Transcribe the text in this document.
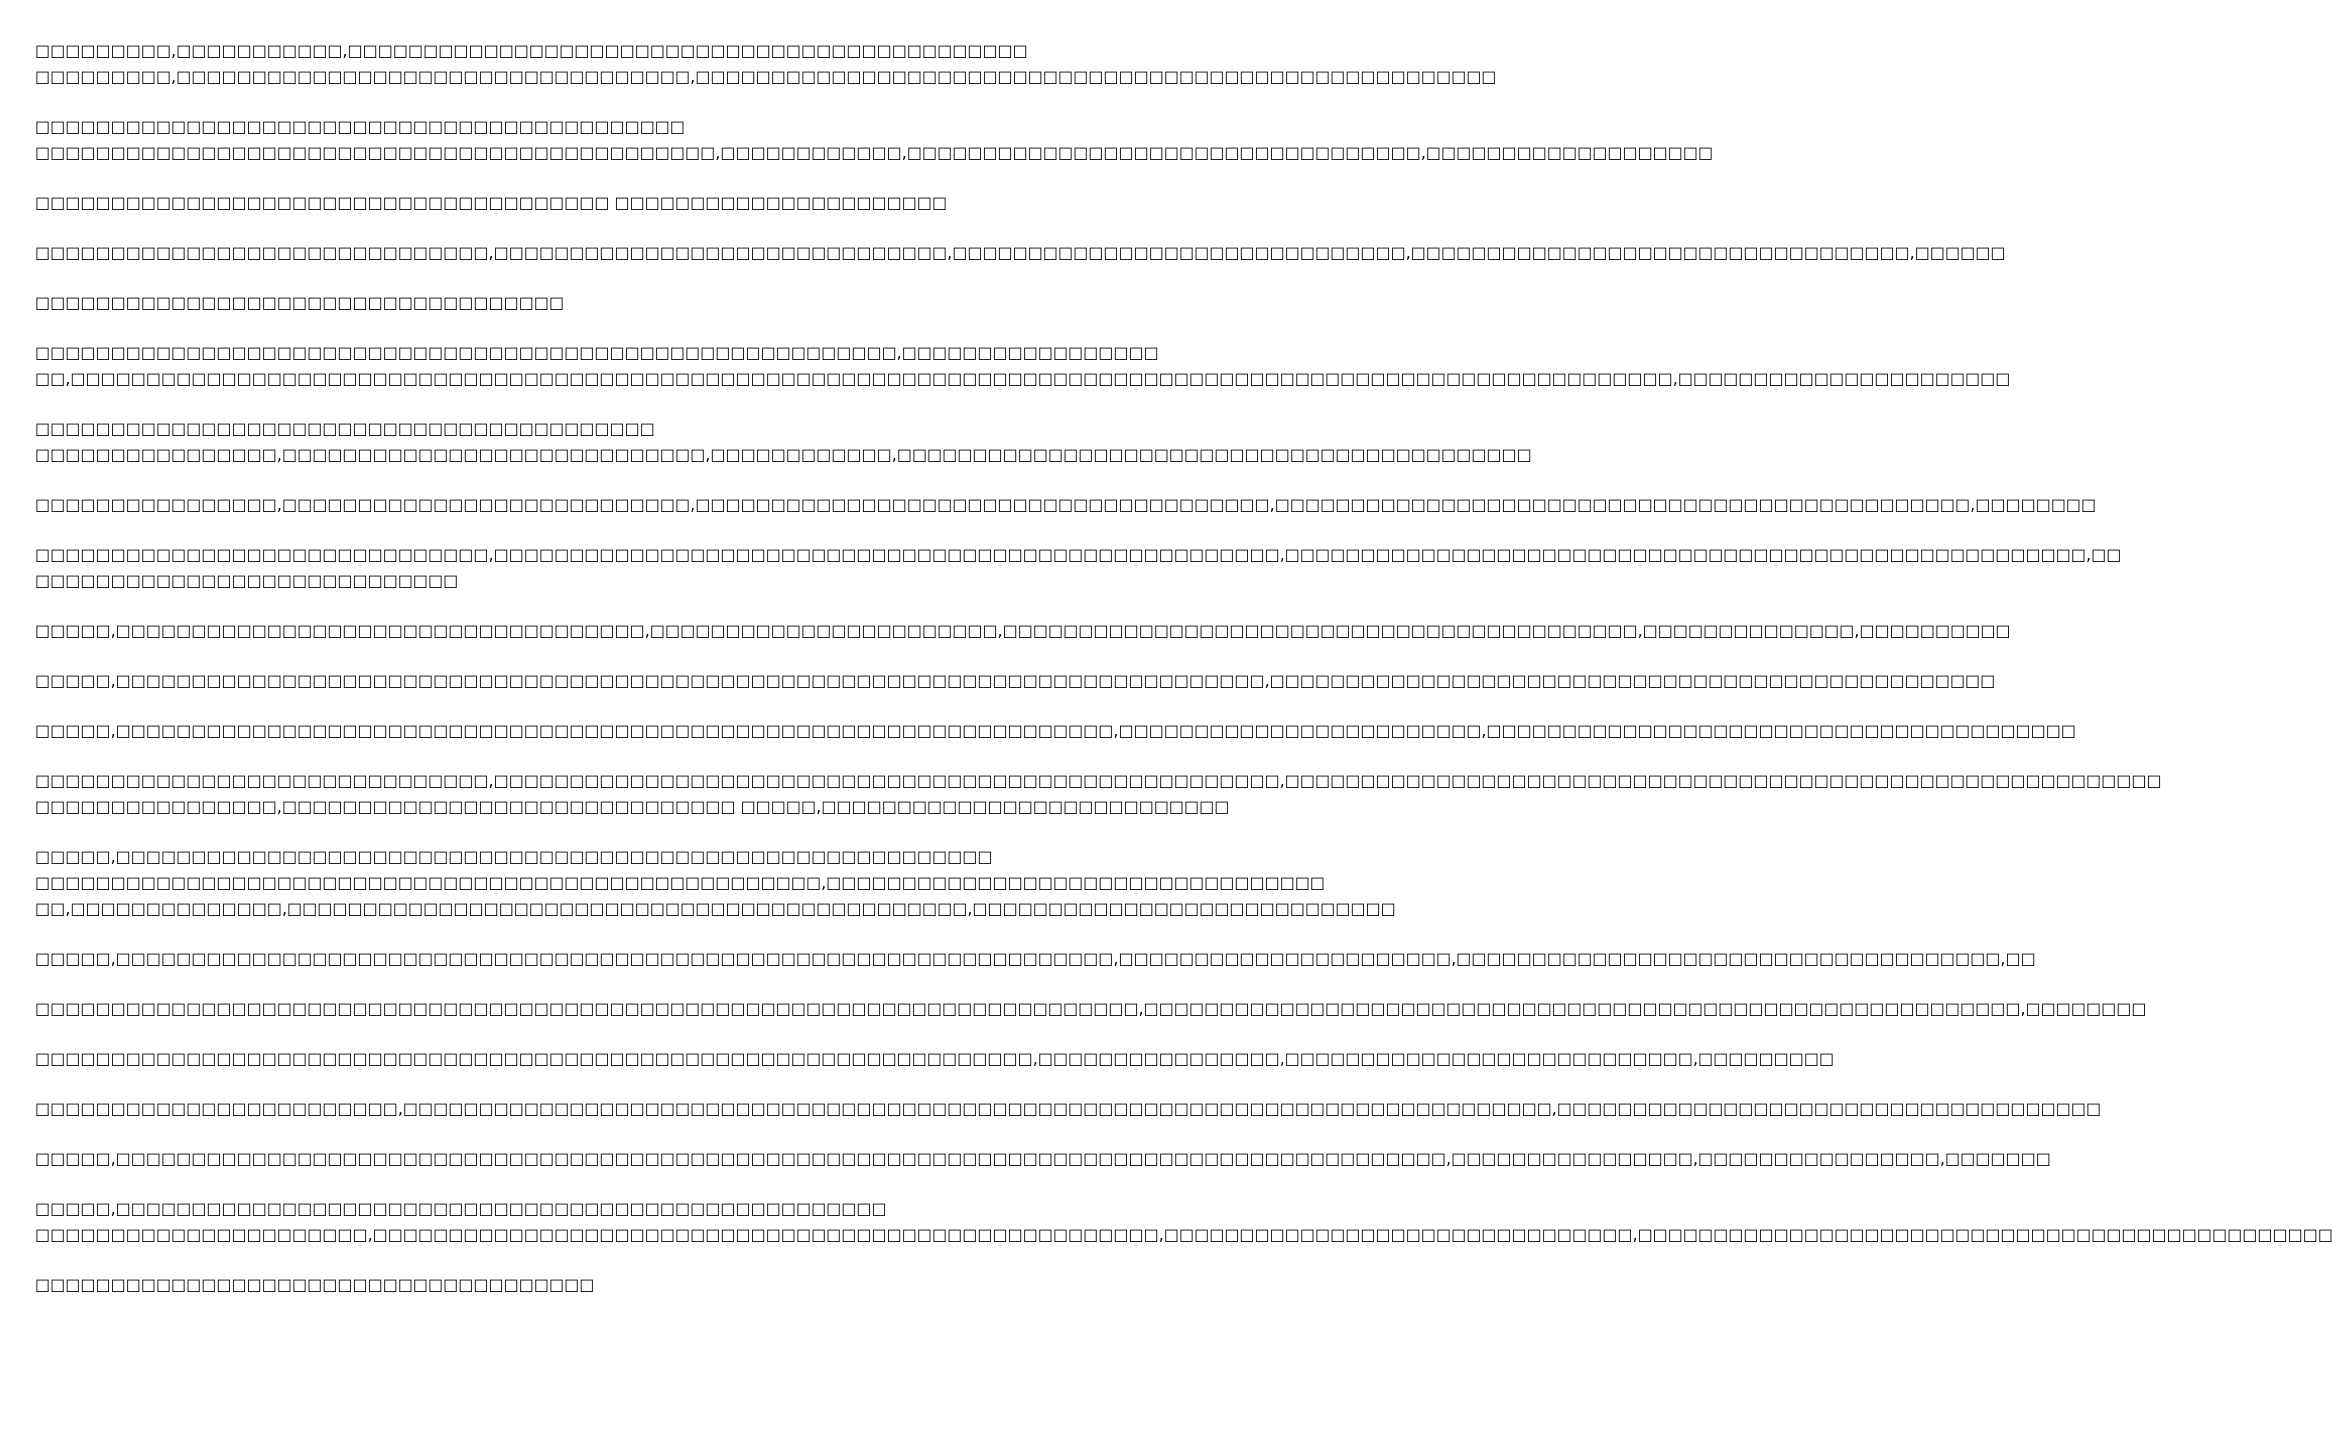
□□□□□□□□□,□□□□□□□□□□□,□□□□□□□□□□□□□□□□□□□□□□□□□□□□□□□□□□□□□□□□□□□□□
□□□□□□□□□,□□□□□□□□□□□□□□□□□□□□□□□□□□□□□□□□□□,□□□□□□□□□□□□□□□□□□□□□□□□□□□□□□□□□□□□□□□□□□□□□□□□□□□□□
□□□□□□□□□□□□□□□□□□□□□□□□□□□□□□□□□□□□□□□□□□□
□□□□□□□□□□□□□□□□□□□□□□□□□□□□□□□□□□□□□□□□□□□□□,□□□□□□□□□□□□,□□□□□□□□□□□□□□□□□□□□□□□□□□□□□□□□□□,□□□□□□□□□□□□□□□□□□□
□□□□□□□□□□□□□□□□□□□□□□□□□□□□□□□□□□□□□□ □□□□□□□□□□□□□□□□□□□□□□
□□□□□□□□□□□□□□□□□□□□□□□□□□□□□□,□□□□□□□□□□□□□□□□□□□□□□□□□□□□□□,□□□□□□□□□□□□□□□□□□□□□□□□□□□□□□,□□□□□□□□□□□□□□□□□□□□□□□□□□□□□□□□□,□□□□□□
□□□□□□□□□□□□□□□□□□□□□□□□□□□□□□□□□□□
□□□□□□□□□□□□□□□□□□□□□□□□□□□□□□□□□□□□□□□□□□□□□□□□□□□□□□□□□,□□□□□□□□□□□□□□□□□
□□,□□□□□□□□□□□□□□□□□□□□□□□□□□□□□□□□□□□□□□□□□□□□□□□□□□□□□□□□□□□□□□□□□□□□□□□□□□□□□□□□□□□□□□□□□□□□□□□□□□□□□□□□□□,□□□□□□□□□□□□□□□□□□□□□□
□□□□□□□□□□□□□□□□□□□□□□□□□□□□□□□□□□□□□□□□□
□□□□□□□□□□□□□□□□,□□□□□□□□□□□□□□□□□□□□□□□□□□□□,□□□□□□□□□□□□,□□□□□□□□□□□□□□□□□□□□□□□□□□□□□□□□□□□□□□□□□□
□□□□□□□□□□□□□□□□,□□□□□□□□□□□□□□□□□□□□□□□□□□□,□□□□□□□□□□□□□□□□□□□□□□□□□□□□□□□□□□□□□□,□□□□□□□□□□□□□□□□□□□□□□□□□□□□□□□□□□□□□□□□□□□□□□,□□□□□□□□
□□□□□□□□□□□□□□□□□□□□□□□□□□□□□□,□□□□□□□□□□□□□□□□□□□□□□□□□□□□□□□□□□□□□□□□□□□□□□□□□□□□,□□□□□□□□□□□□□□□□□□□□□□□□□□□□□□□□□□□□□□□□□□□□□□□□□□□□□,□□
□□□□□□□□□□□□□□□□□□□□□□□□□□□□
□□□□□,□□□□□□□□□□□□□□□□□□□□□□□□□□□□□□□□□□□,□□□□□□□□□□□□□□□□□□□□□□□,□□□□□□□□□□□□□□□□□□□□□□□□□□□□□□□□□□□□□□□□□□,□□□□□□□□□□□□□□,□□□□□□□□□□
□□□□□,□□□□□□□□□□□□□□□□□□□□□□□□□□□□□□□□□□□□□□□□□□□□□□□□□□□□□□□□□□□□□□□□□□□□□□□□□□□□,□□□□□□□□□□□□□□□□□□□□□□□□□□□□□□□□□□□□□□□□□□□□□□□□
□□□□□,□□□□□□□□□□□□□□□□□□□□□□□□□□□□□□□□□□□□□□□□□□□□□□□□□□□□□□□□□□□□□□□□□□,□□□□□□□□□□□□□□□□□□□□□□□□,□□□□□□□□□□□□□□□□□□□□□□□□□□□□□□□□□□□□□□□
□□□□□□□□□□□□□□□□□□□□□□□□□□□□□□,□□□□□□□□□□□□□□□□□□□□□□□□□□□□□□□□□□□□□□□□□□□□□□□□□□□□,□□□□□□□□□□□□□□□□□□□□□□□□□□□□□□□□□□□□□□□□□□□□□□□□□□□□□□□□□□
□□□□□□□□□□□□□□□□,□□□□□□□□□□□□□□□□□□□□□□□□□□□□□□ □□□□□,□□□□□□□□□□□□□□□□□□□□□□□□□□□
□□□□□,□□□□□□□□□□□□□□□□□□□□□□□□□□□□□□□□□□□□□□□□□□□□□□□□□□□□□□□□□□
□□□□□□□□□□□□□□□□□□□□□□□□□□□□□□□□□□□□□□□□□□□□□□□□□□□□,□□□□□□□□□□□□□□□□□□□□□□□□□□□□□□□□□
□□,□□□□□□□□□□□□□□,□□□□□□□□□□□□□□□□□□□□□□□□□□□□□□□□□□□□□□□□□□□□□,□□□□□□□□□□□□□□□□□□□□□□□□□□□□
□□□□□,□□□□□□□□□□□□□□□□□□□□□□□□□□□□□□□□□□□□□□□□□□□□□□□□□□□□□□□□□□□□□□□□□□,□□□□□□□□□□□□□□□□□□□□□□,□□□□□□□□□□□□□□□□□□□□□□□□□□□□□□□□□□□□,□□
□□□□□□□□□□□□□□□□□□□□□□□□□□□□□□□□□□□□□□□□□□□□□□□□□□□□□□□□□□□□□□□□□□□□□□□□□,□□□□□□□□□□□□□□□□□□□□□□□□□□□□□□□□□□□□□□□□□□□□□□□□□□□□□□□□□□,□□□□□□□□
□□□□□□□□□□□□□□□□□□□□□□□□□□□□□□□□□□□□□□□□□□□□□□□□□□□□□□□□□□□□□□□□□□,□□□□□□□□□□□□□□□□,□□□□□□□□□□□□□□□□□□□□□□□□□□□,□□□□□□□□□
□□□□□□□□□□□□□□□□□□□□□□□□,□□□□□□□□□□□□□□□□□□□□□□□□□□□□□□□□□□□□□□□□□□□□□□□□□□□□□□□□□□□□□□□□□□□□□□□□□□□□,□□□□□□□□□□□□□□□□□□□□□□□□□□□□□□□□□□□□
□□□□□,□□□□□□□□□□□□□□□□□□□□□□□□□□□□□□□□□□□□□□□□□□□□□□□□□□□□□□□□□□□□□□□□□□□□□□□□□□□□□□□□□□□□□□□□,□□□□□□□□□□□□□□□□,□□□□□□□□□□□□□□□□,□□□□□□□
□□□□□,□□□□□□□□□□□□□□□□□□□□□□□□□□□□□□□□□□□□□□□□□□□□□□□□□□□
□□□□□□□□□□□□□□□□□□□□□□,□□□□□□□□□□□□□□□□□□□□□□□□□□□□□□□□□□□□□□□□□□□□□□□□□□□□,□□□□□□□□□□□□□□□□□□□□□□□□□□□□□□□,□□□□□□□□□□□□□□□□□□□□□□□□□□□□□□□□□□□□□□□□□□□□□□
□□□□□□□□□□□□□□□□□□□□□□□□□□□□□□□□□□□□□
